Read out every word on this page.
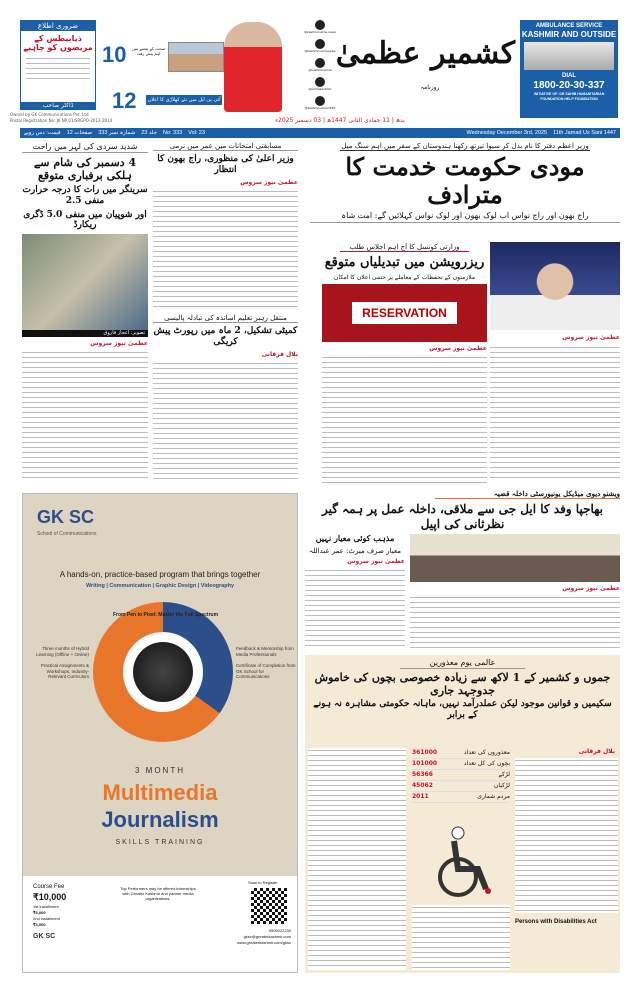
ضروری اطلاع
ذیابیطس کے مریضوں کو چاہیے
ڈاکٹر صاحب
Owned by GK Communications Pvt. Ltd
Postal Registration No: JK NP 01/SRGPO-2012-2014
10 صحت کے شعبے میں اہم پیش رفت
12	آئی پی ایل میں نئے کھلاڑی کا اعلان
@kashmiruzma.news
@kashmiruzmanews
@kashmiruzma
@uzmakashmir
@kashmiruzma7487
کشمیر عظمیٰ
روزنامہ
AMBULANCE SERVICE
KASHMIR AND OUTSIDE
DIAL
1800-20-30-337
INITIATIVE OF: DR SAHIB HUMANITARIAN FOUNDATION HELP FOUNDATION
بدھ | 11 جمادی الثانی 1447ھ | 03 دسمبر 2025ء
قیمت: دس روپے صفحات 12 شمارہ نمبر 333 جلد 23 No: 333 Vol: 23	Wednesday December 3rd, 2025 11th Jamad Us Sani 1447
وزیر اعظم دفتر کا نام بدل کر سیوا تیرتھ رکھنا ہندوستان کے سفر میں اہم سنگ میل
مودی حکومت خدمت کا مترادف
راج بھون اور راج نواس اب لوک بھون اور لوک نواس کہلائیں گے: امت شاہ
عظمیٰ نیوز سروس
وزارتی کونسل کا آج اہم اجلاس طلب
ریزرویشن میں تبدیلیاں متوقع
ملازمتوں کے تحفظات کے معاملے پر حتمی اعلان کا امکان
RESERVATION
عظمیٰ نیوز سروس
شدید سردی کی لہر میں راحت
4 دسمبر کی شام سے ہلکی برفباری متوقع
سرینگر میں رات کا درجہ حرارت منفی 2.5
اور شوپیان میں منفی 5.0 ڈگری ریکارڈ
تصویر: اعجاز فاروق
عظمیٰ نیوز سروس
مسابقتی امتحانات میں عمر میں نرمی
وزیر اعلیٰ کی منظوری، راج بھون کا انتظار
عظمیٰ نیوز سروس
منتقل رہبر تعلیم اساتذہ کی تبادلہ پالیسی
کمیٹی تشکیل، 2 ماہ میں رپورٹ پیش کریگی
بلال فرقانی
GK SC
School of Communications
A hands-on, practice-based program that brings together
Writing | Communication | Graphic Design | Videography
From Pen to Pixel: Master the Full Spectrum
Three months of Hybrid Learning (Offline + Online)
Practical Assignments & Workshops, Industry-Relevant Curriculum
Feedback & Mentorship from Media Professionals
Certificate of Completion from GK School for Communications
3 MONTH
Multimedia
Journalism
SKILLS TRAINING
Course Fee
₹10,000
1st installment
₹6,000
2nd installment
₹4,000
GK SC
Top Performers may be offered internships with Greater Kashmir and partner media organizations.
Scan to Register
9905022230
gksc@greaterkashmir.com
www.greaterkashmir.com/gksc
ویشنو دیوی میڈیکل یونیورسٹی داخلہ قضیہ
بھاجپا وفد کا ایل جی سے ملاقی، داخلہ عمل پر ہمہ گیر نظرثانی کی اپیل
مذہب کوئی معیار نہیں
معیار صرف میرٹ: عمر عبداللہ
عظمیٰ نیوز سروس
عظمیٰ نیوز سروس
عالمی یوم معذورین
جموں و کشمیر کے 1 لاکھ سے زیادہ خصوصی بچوں کی خاموش جدوجہد جاری
سکیمیں و قوانین موجود لیکن عملدرآمد نہیں، ماہانہ حکومتی مشاہرہ نہ ہونے کے برابر
بلال فرقانی
361000	معذوروں کی تعداد
101000	بچوں کی کل تعداد
56366	لڑکے
45062	لڑکیاں
2011	مردم شماری
Persons with Disabilities Act
